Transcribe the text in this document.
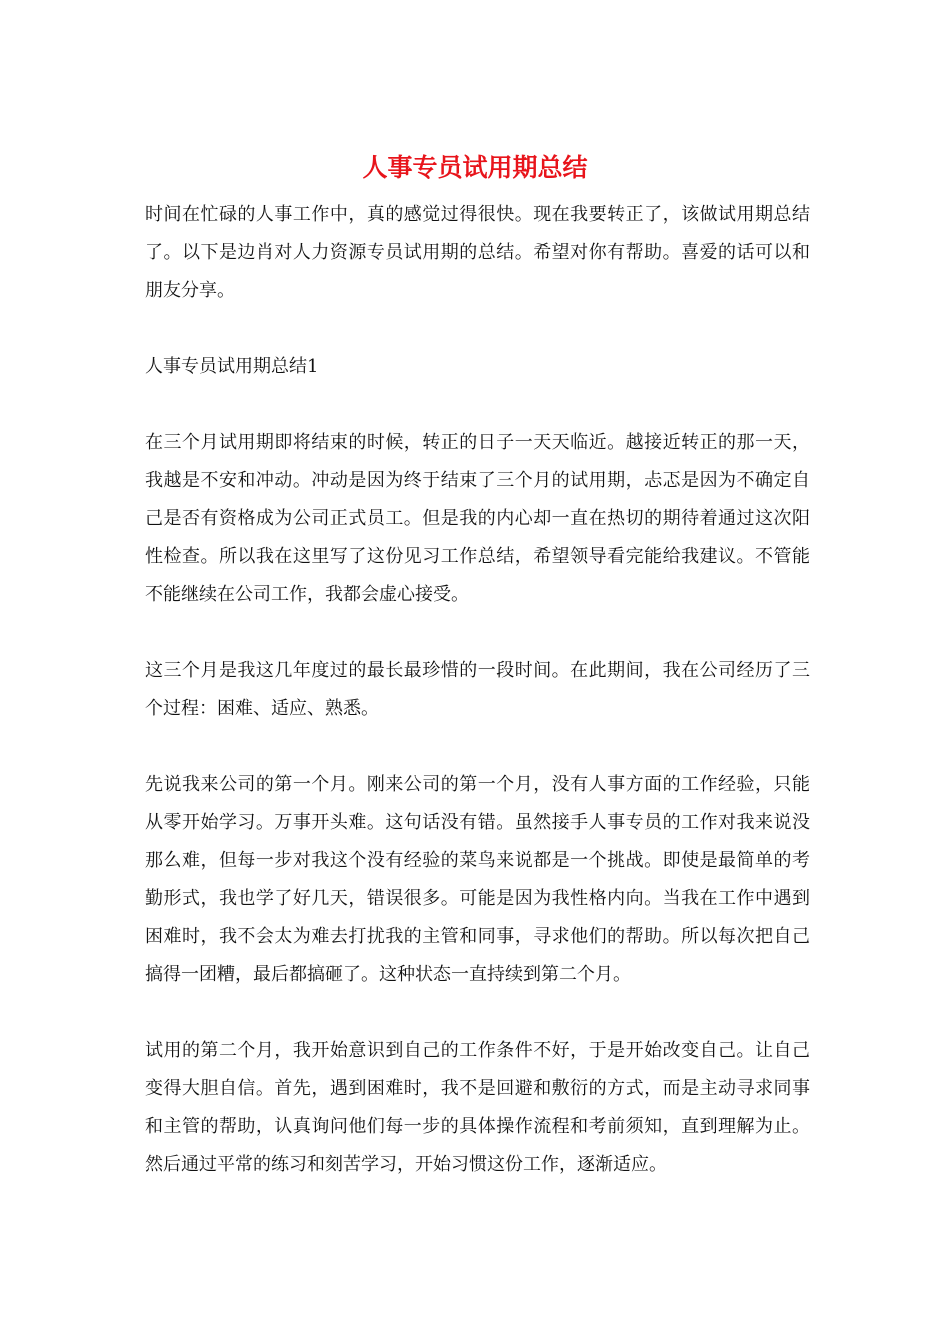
人事专员试用期总结

时间在忙碌的人事工作中，真的感觉过得很快。现在我要转正了，该做试用期总结了。以下是边肖对人力资源专员试用期的总结。希望对你有帮助。喜爱的话可以和朋友分享。

人事专员试用期总结1

在三个月试用期即将结束的时候，转正的日子一天天临近。越接近转正的那一天，我越是不安和冲动。冲动是因为终于结束了三个月的试用期，忐忑是因为不确定自己是否有资格成为公司正式员工。但是我的内心却一直在热切的期待着通过这次阳性检查。所以我在这里写了这份见习工作总结，希望领导看完能给我建议。不管能不能继续在公司工作，我都会虚心接受。

这三个月是我这几年度过的最长最珍惜的一段时间。在此期间，我在公司经历了三个过程：困难、适应、熟悉。

先说我来公司的第一个月。刚来公司的第一个月，没有人事方面的工作经验，只能从零开始学习。万事开头难。这句话没有错。虽然接手人事专员的工作对我来说没那么难，但每一步对我这个没有经验的菜鸟来说都是一个挑战。即使是最简单的考勤形式，我也学了好几天，错误很多。可能是因为我性格内向。当我在工作中遇到困难时，我不会太为难去打扰我的主管和同事，寻求他们的帮助。所以每次把自己搞得一团糟，最后都搞砸了。这种状态一直持续到第二个月。

试用的第二个月，我开始意识到自己的工作条件不好，于是开始改变自己。让自己变得大胆自信。首先，遇到困难时，我不是回避和敷衍的方式，而是主动寻求同事和主管的帮助，认真询问他们每一步的具体操作流程和考前须知，直到理解为止。然后通过平常的练习和刻苦学习，开始习惯这份工作，逐渐适应。
